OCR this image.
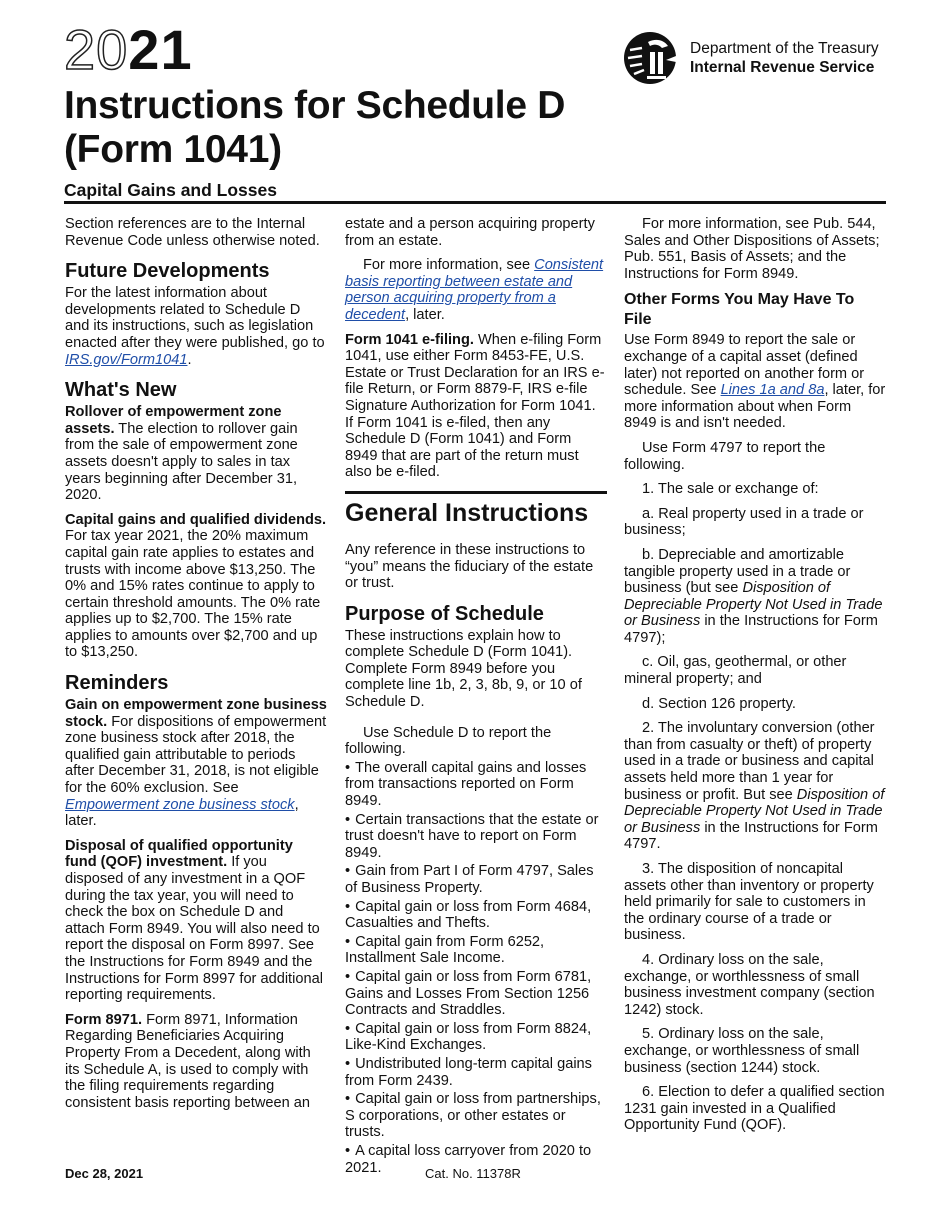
2021	Department of the Treasury
Internal Revenue Service
Instructions for Schedule D
(Form 1041)
Capital Gains and Losses

Section references are to the Internal Revenue Code unless otherwise noted.

Future Developments

For the latest information about developments related to Schedule D and its instructions, such as legislation enacted after they were published, go to IRS.gov/Form1041.

What's New

Rollover of empowerment zone assets. The election to rollover gain from the sale of empowerment zone assets doesn't apply to sales in tax years beginning after December 31, 2020.

Capital gains and qualified dividends. For tax year 2021, the 20% maximum capital gain rate applies to estates and trusts with income above $13,250. The 0% and 15% rates continue to apply to certain threshold amounts. The 0% rate applies up to $2,700. The 15% rate applies to amounts over $2,700 and up to $13,250.

Reminders

Gain on empowerment zone business stock. For dispositions of empowerment zone business stock after 2018, the qualified gain attributable to periods after December 31, 2018, is not eligible for the 60% exclusion. See Empowerment zone business stock, later.

Disposal of qualified opportunity fund (QOF) investment. If you disposed of any investment in a QOF during the tax year, you will need to check the box on Schedule D and attach Form 8949. You will also need to report the disposal on Form 8997. See the Instructions for Form 8949 and the Instructions for Form 8997 for additional reporting requirements.

Form 8971. Form 8971, Information Regarding Beneficiaries Acquiring Property From a Decedent, along with its Schedule A, is used to comply with the filing requirements regarding consistent basis reporting between an

estate and a person acquiring property from an estate.

For more information, see Consistent basis reporting between estate and person acquiring property from a decedent, later.

Form 1041 e-filing. When e-filing Form 1041, use either Form 8453-FE, U.S. Estate or Trust Declaration for an IRS e-file Return, or Form 8879-F, IRS e-file Signature Authorization for Form 1041. If Form 1041 is e-filed, then any Schedule D (Form 1041) and Form 8949 that are part of the return must also be e-filed.

General Instructions

Any reference in these instructions to “you” means the fiduciary of the estate or trust.

Purpose of Schedule

These instructions explain how to complete Schedule D (Form 1041). Complete Form 8949 before you complete line 1b, 2, 3, 8b, 9, or 10 of Schedule D.

Use Schedule D to report the following.

• The overall capital gains and losses from transactions reported on Form 8949.
• Certain transactions that the estate or trust doesn't have to report on Form 8949.
• Gain from Part I of Form 4797, Sales of Business Property.
• Capital gain or loss from Form 4684, Casualties and Thefts.
• Capital gain from Form 6252, Installment Sale Income.
• Capital gain or loss from Form 6781, Gains and Losses From Section 1256 Contracts and Straddles.
• Capital gain or loss from Form 8824, Like-Kind Exchanges.
• Undistributed long-term capital gains from Form 2439.
• Capital gain or loss from partnerships, S corporations, or other estates or trusts.
• A capital loss carryover from 2020 to 2021.

For more information, see Pub. 544, Sales and Other Dispositions of Assets; Pub. 551, Basis of Assets; and the Instructions for Form 8949.

Other Forms You May Have To File

Use Form 8949 to report the sale or exchange of a capital asset (defined later) not reported on another form or schedule. See Lines 1a and 8a, later, for more information about when Form 8949 is and isn't needed.

Use Form 4797 to report the following.

1. The sale or exchange of:

a. Real property used in a trade or business;

b. Depreciable and amortizable tangible property used in a trade or business (but see Disposition of Depreciable Property Not Used in Trade or Business in the Instructions for Form 4797);

c. Oil, gas, geothermal, or other mineral property; and

d. Section 126 property.

2. The involuntary conversion (other than from casualty or theft) of property used in a trade or business and capital assets held more than 1 year for business or profit. But see Disposition of Depreciable Property Not Used in Trade or Business in the Instructions for Form 4797.

3. The disposition of noncapital assets other than inventory or property held primarily for sale to customers in the ordinary course of a trade or business.

4. Ordinary loss on the sale, exchange, or worthlessness of small business investment company (section 1242) stock.

5. Ordinary loss on the sale, exchange, or worthlessness of small business (section 1244) stock.

6. Election to defer a qualified section 1231 gain invested in a Qualified Opportunity Fund (QOF).

Dec 28, 2021	Cat. No. 11378R
